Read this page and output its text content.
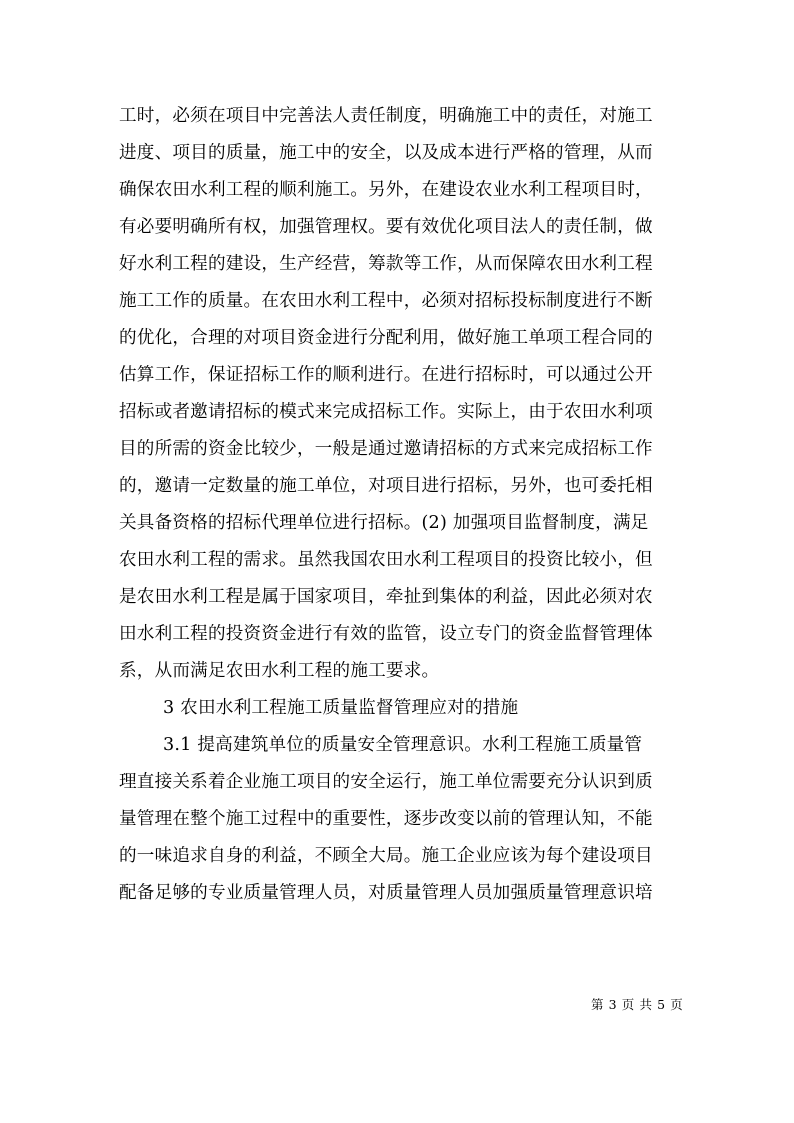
工时，必须在项目中完善法人责任制度，明确施工中的责任，对施工
进度、项目的质量，施工中的安全，以及成本进行严格的管理，从而
确保农田水利工程的顺利施工。另外，在建设农业水利工程项目时，
有必要明确所有权，加强管理权。要有效优化项目法人的责任制，做
好水利工程的建设，生产经营，筹款等工作，从而保障农田水利工程
施工工作的质量。在农田水利工程中，必须对招标投标制度进行不断
的优化，合理的对项目资金进行分配利用，做好施工单项工程合同的
估算工作，保证招标工作的顺利进行。在进行招标时，可以通过公开
招标或者邀请招标的模式来完成招标工作。实际上，由于农田水利项
目的所需的资金比较少，一般是通过邀请招标的方式来完成招标工作
的，邀请一定数量的施工单位，对项目进行招标，另外，也可委托相
关具备资格的招标代理单位进行招标。(2) 加强项目监督制度，满足
农田水利工程的需求。虽然我国农田水利工程项目的投资比较小，但
是农田水利工程是属于国家项目，牵扯到集体的利益，因此必须对农
田水利工程的投资资金进行有效的监管，设立专门的资金监督管理体
系，从而满足农田水利工程的施工要求。
3 农田水利工程施工质量监督管理应对的措施
3.1 提高建筑单位的质量安全管理意识。水利工程施工质量管
理直接关系着企业施工项目的安全运行，施工单位需要充分认识到质
量管理在整个施工过程中的重要性，逐步改变以前的管理认知，不能
的一味追求自身的利益，不顾全大局。施工企业应该为每个建设项目
配备足够的专业质量管理人员，对质量管理人员加强质量管理意识培
第 3 页 共 5 页
